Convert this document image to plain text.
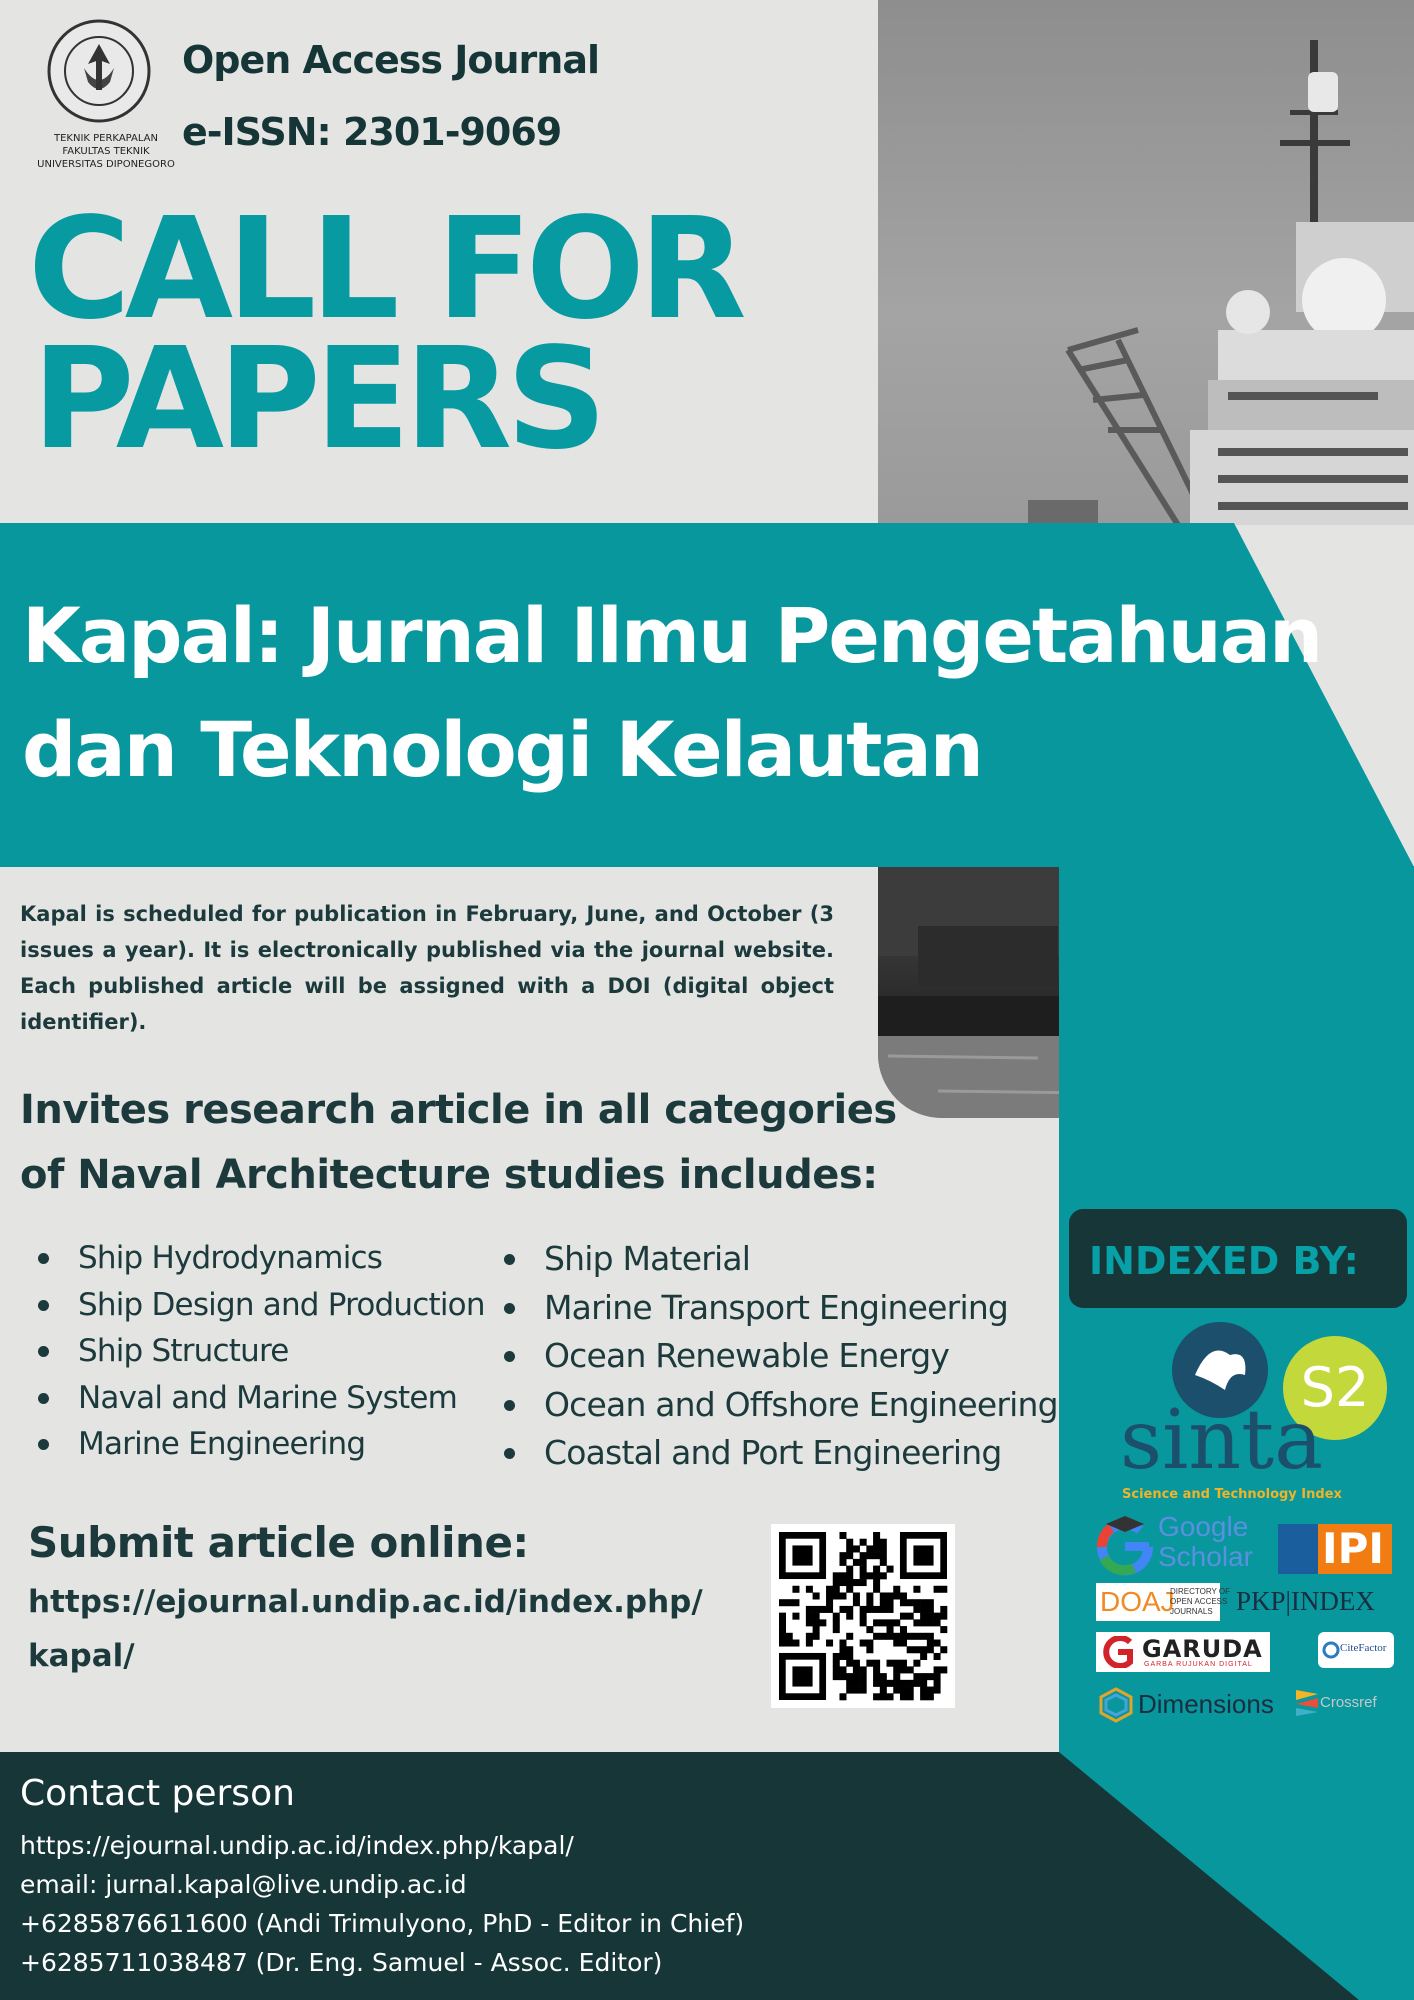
TEKNIK PERKAPALAN
FAKULTAS TEKNIK
UNIVERSITAS DIPONEGORO
Open Access Journal
e-ISSN: 2301-9069
CALL FOR
PAPERS
Kapal: Jurnal Ilmu Pengetahuan
dan Teknologi Kelautan
Kapal is scheduled for publication in February, June, and October (3 issues a year). It is electronically published via the journal website. Each published article will be assigned with a DOI (digital object identifier).
Invites research article in all categories
of Naval Architecture studies includes:
Ship Hydrodynamics
Ship Design and Production
Ship Structure
Naval and Marine System
Marine Engineering
Ship Material
Marine Transport Engineering
Ocean Renewable Energy
Ocean and Offshore Engineering
Coastal and Port Engineering
Submit article online:
https://ejournal.undip.ac.id/index.php/
kapal/
INDEXED BY:
S2
sinta
Science and Technology Index
Google
Scholar IPI
DOAJ
DIRECTORY OF
OPEN ACCESS
JOURNALS PKP|INDEX
GARUDA
GARBA RUJUKAN DIGITAL
CiteFactor
Dimensions	Crossref
Contact person
https://ejournal.undip.ac.id/index.php/kapal/
email: jurnal.kapal@live.undip.ac.id
+6285876611600 (Andi Trimulyono, PhD - Editor in Chief)
+6285711038487 (Dr. Eng. Samuel - Assoc. Editor)
